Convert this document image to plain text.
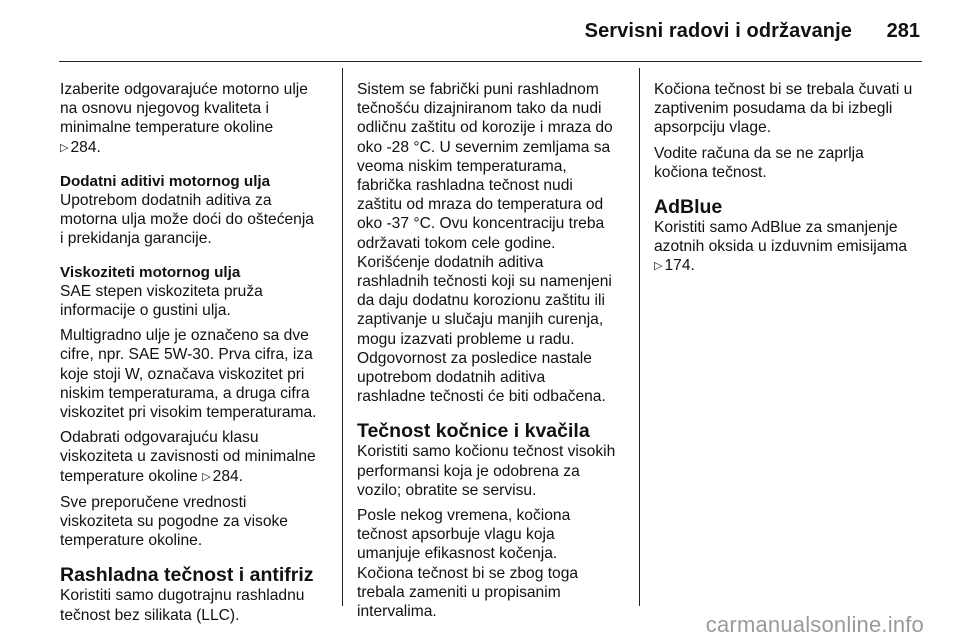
Servisni radovi i održavanje 281
Izaberite odgovarajuće motorno ulje
na osnovu njegovog kvaliteta i
minimalne temperature okoline
▷ 284.
Dodatni aditivi motornog ulja
Upotrebom dodatnih aditiva za
motorna ulja može doći do oštećenja
i prekidanja garancije.
Viskoziteti motornog ulja
SAE stepen viskoziteta pruža
informacije o gustini ulja.
Multigradno ulje je označeno sa dve
cifre, npr. SAE 5W-30. Prva cifra, iza
koje stoji W, označava viskozitet pri
niskim temperaturama, a druga cifra
viskozitet pri visokim temperaturama.
Odabrati odgovarajuću klasu
viskoziteta u zavisnosti od minimalne
temperature okoline ▷ 284.
Sve preporučene vrednosti
viskoziteta su pogodne za visoke
temperature okoline.
Rashladna tečnost i antifriz
Koristiti samo dugotrajnu rashladnu
tečnost bez silikata (LLC).
Sistem se fabrički puni rashladnom
tečnošću dizajniranom tako da nudi
odličnu zaštitu od korozije i mraza do
oko -28 °C. U severnim zemljama sa
veoma niskim temperaturama,
fabrička rashladna tečnost nudi
zaštitu od mraza do temperatura od
oko -37 °C. Ovu koncentraciju treba
održavati tokom cele godine.
Korišćenje dodatnih aditiva
rashladnih tečnosti koji su namenjeni
da daju dodatnu korozionu zaštitu ili
zaptivanje u slučaju manjih curenja,
mogu izazvati probleme u radu.
Odgovornost za posledice nastale
upotrebom dodatnih aditiva
rashladne tečnosti će biti odbačena.
Tečnost kočnice i kvačila
Koristiti samo kočionu tečnost visokih
performansi koja je odobrena za
vozilo; obratite se servisu.
Posle nekog vremena, kočiona
tečnost apsorbuje vlagu koja
umanjuje efikasnost kočenja.
Kočiona tečnost bi se zbog toga
trebala zameniti u propisanim
intervalima.
Kočiona tečnost bi se trebala čuvati u
zaptivenim posudama da bi izbegli
apsorpciju vlage.
Vodite računa da se ne zaprlja
kočiona tečnost.
AdBlue
Koristiti samo AdBlue za smanjenje
azotnih oksida u izduvnim emisijama
▷ 174.
carmanualsonline.info
